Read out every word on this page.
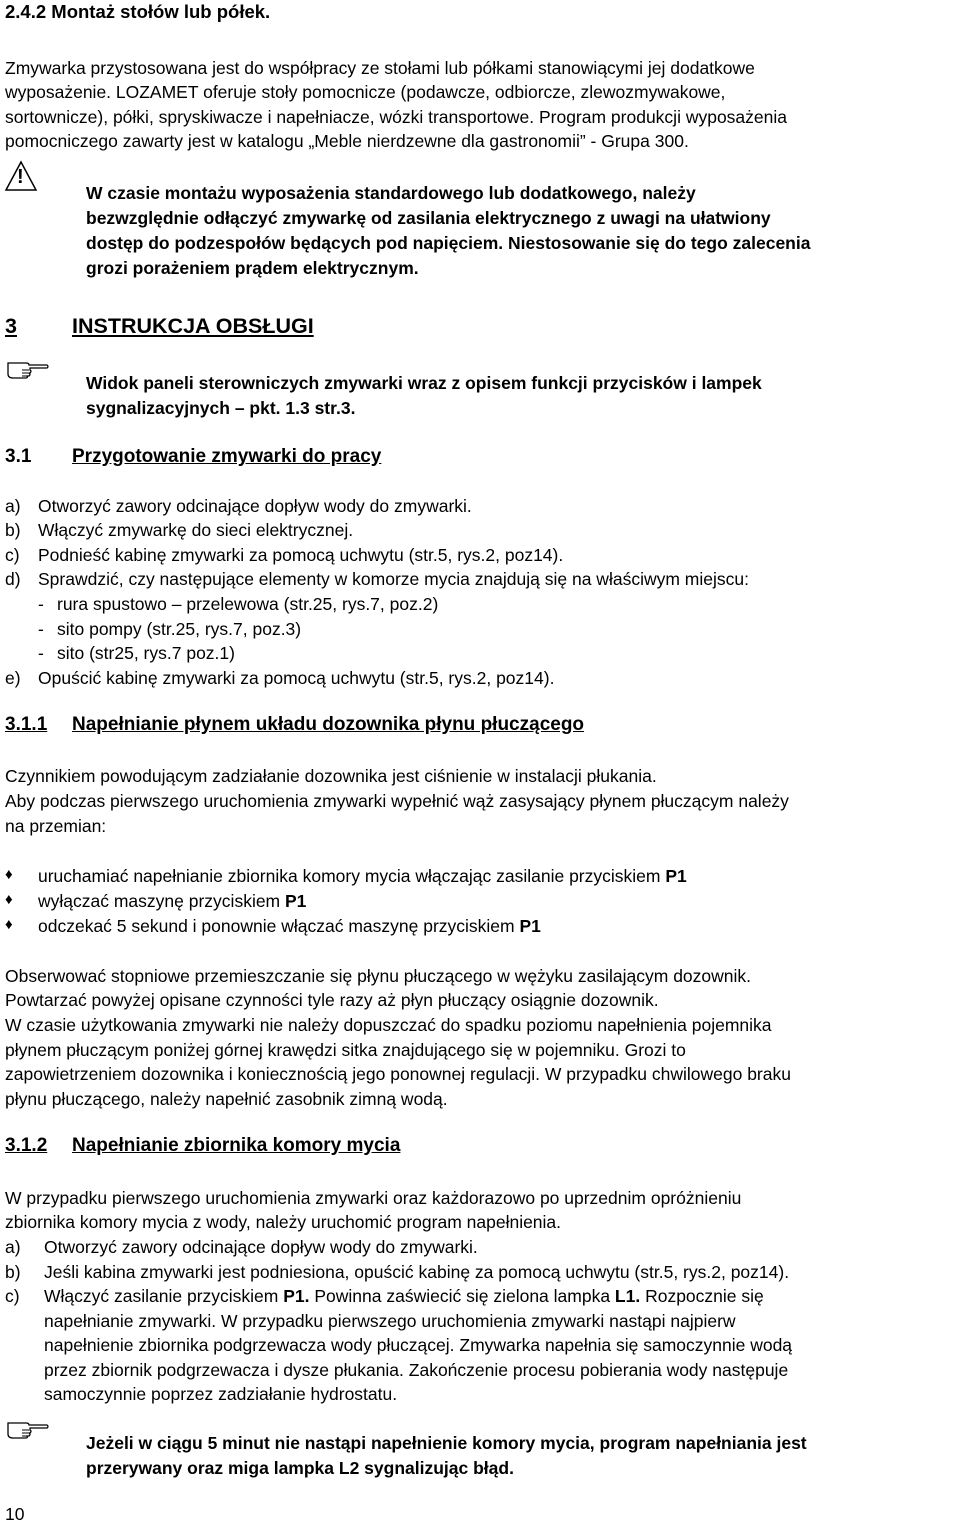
2.4.2 Montaż stołów lub półek.
Zmywarka przystosowana jest do współpracy ze stołami lub półkami stanowiącymi jej dodatkowe
wyposażenie. LOZAMET oferuje stoły pomocnicze (podawcze, odbiorcze, zlewozmywakowe,
sortownicze), półki, spryskiwacze i napełniacze, wózki transportowe. Program produkcji wyposażenia
pomocniczego zawarty jest w katalogu „Meble nierdzewne dla gastronomii” - Grupa 300.
!
W czasie montażu wyposażenia standardowego lub dodatkowego, należy
bezwzględnie odłączyć zmywarkę od zasilania elektrycznego z uwagi na ułatwiony
dostęp do podzespołów będących pod napięciem. Niestosowanie się do tego zalecenia
grozi porażeniem prądem elektrycznym.
3	INSTRUKCJA OBSŁUGI
Widok paneli sterowniczych zmywarki wraz z opisem funkcji przycisków i lampek
sygnalizacyjnych – pkt. 1.3 str.3.
3.1 Przygotowanie zmywarki do pracy
a) Otworzyć zawory odcinające dopływ wody do zmywarki.
b) Włączyć zmywarkę do sieci elektrycznej.
c) Podnieść kabinę zmywarki za pomocą uchwytu (str.5, rys.2, poz14).
d) Sprawdzić, czy następujące elementy w komorze mycia znajdują się na właściwym miejscu:
- rura spustowo – przelewowa (str.25, rys.7, poz.2)
- sito pompy (str.25, rys.7, poz.3)
- sito (str25, rys.7 poz.1)
e) Opuścić kabinę zmywarki za pomocą uchwytu (str.5, rys.2, poz14).
3.1.1 Napełnianie płynem układu dozownika płynu płuczącego
Czynnikiem powodującym zadziałanie dozownika jest ciśnienie w instalacji płukania.
Aby podczas pierwszego uruchomienia zmywarki wypełnić wąż zasysający płynem płuczącym należy
na przemian:
♦ uruchamiać napełnianie zbiornika komory mycia włączając zasilanie przyciskiem P1
♦ wyłączać maszynę przyciskiem P1
♦ odczekać 5 sekund i ponownie włączać maszynę przyciskiem P1
Obserwować stopniowe przemieszczanie się płynu płuczącego w wężyku zasilającym dozownik.
Powtarzać powyżej opisane czynności tyle razy aż płyn płuczący osiągnie dozownik.
W czasie użytkowania zmywarki nie należy dopuszczać do spadku poziomu napełnienia pojemnika
płynem płuczącym poniżej górnej krawędzi sitka znajdującego się w pojemniku. Grozi to
zapowietrzeniem dozownika i koniecznością jego ponownej regulacji. W przypadku chwilowego braku
płynu płuczącego, należy napełnić zasobnik zimną wodą.
3.1.2 Napełnianie zbiornika komory mycia
W przypadku pierwszego uruchomienia zmywarki oraz każdorazowo po uprzednim opróżnieniu
zbiornika komory mycia z wody, należy uruchomić program napełnienia.
a) Otworzyć zawory odcinające dopływ wody do zmywarki.
b) Jeśli kabina zmywarki jest podniesiona, opuścić kabinę za pomocą uchwytu (str.5, rys.2, poz14).
c) Włączyć zasilanie przyciskiem P1. Powinna zaświecić się zielona lampka L1. Rozpocznie się
napełnianie zmywarki. W przypadku pierwszego uruchomienia zmywarki nastąpi najpierw
napełnienie zbiornika podgrzewacza wody płuczącej. Zmywarka napełnia się samoczynnie wodą
przez zbiornik podgrzewacza i dysze płukania. Zakończenie procesu pobierania wody następuje
samoczynnie poprzez zadziałanie hydrostatu.
Jeżeli w ciągu 5 minut nie nastąpi napełnienie komory mycia, program napełniania jest
przerywany oraz miga lampka L2 sygnalizując błąd.
10
